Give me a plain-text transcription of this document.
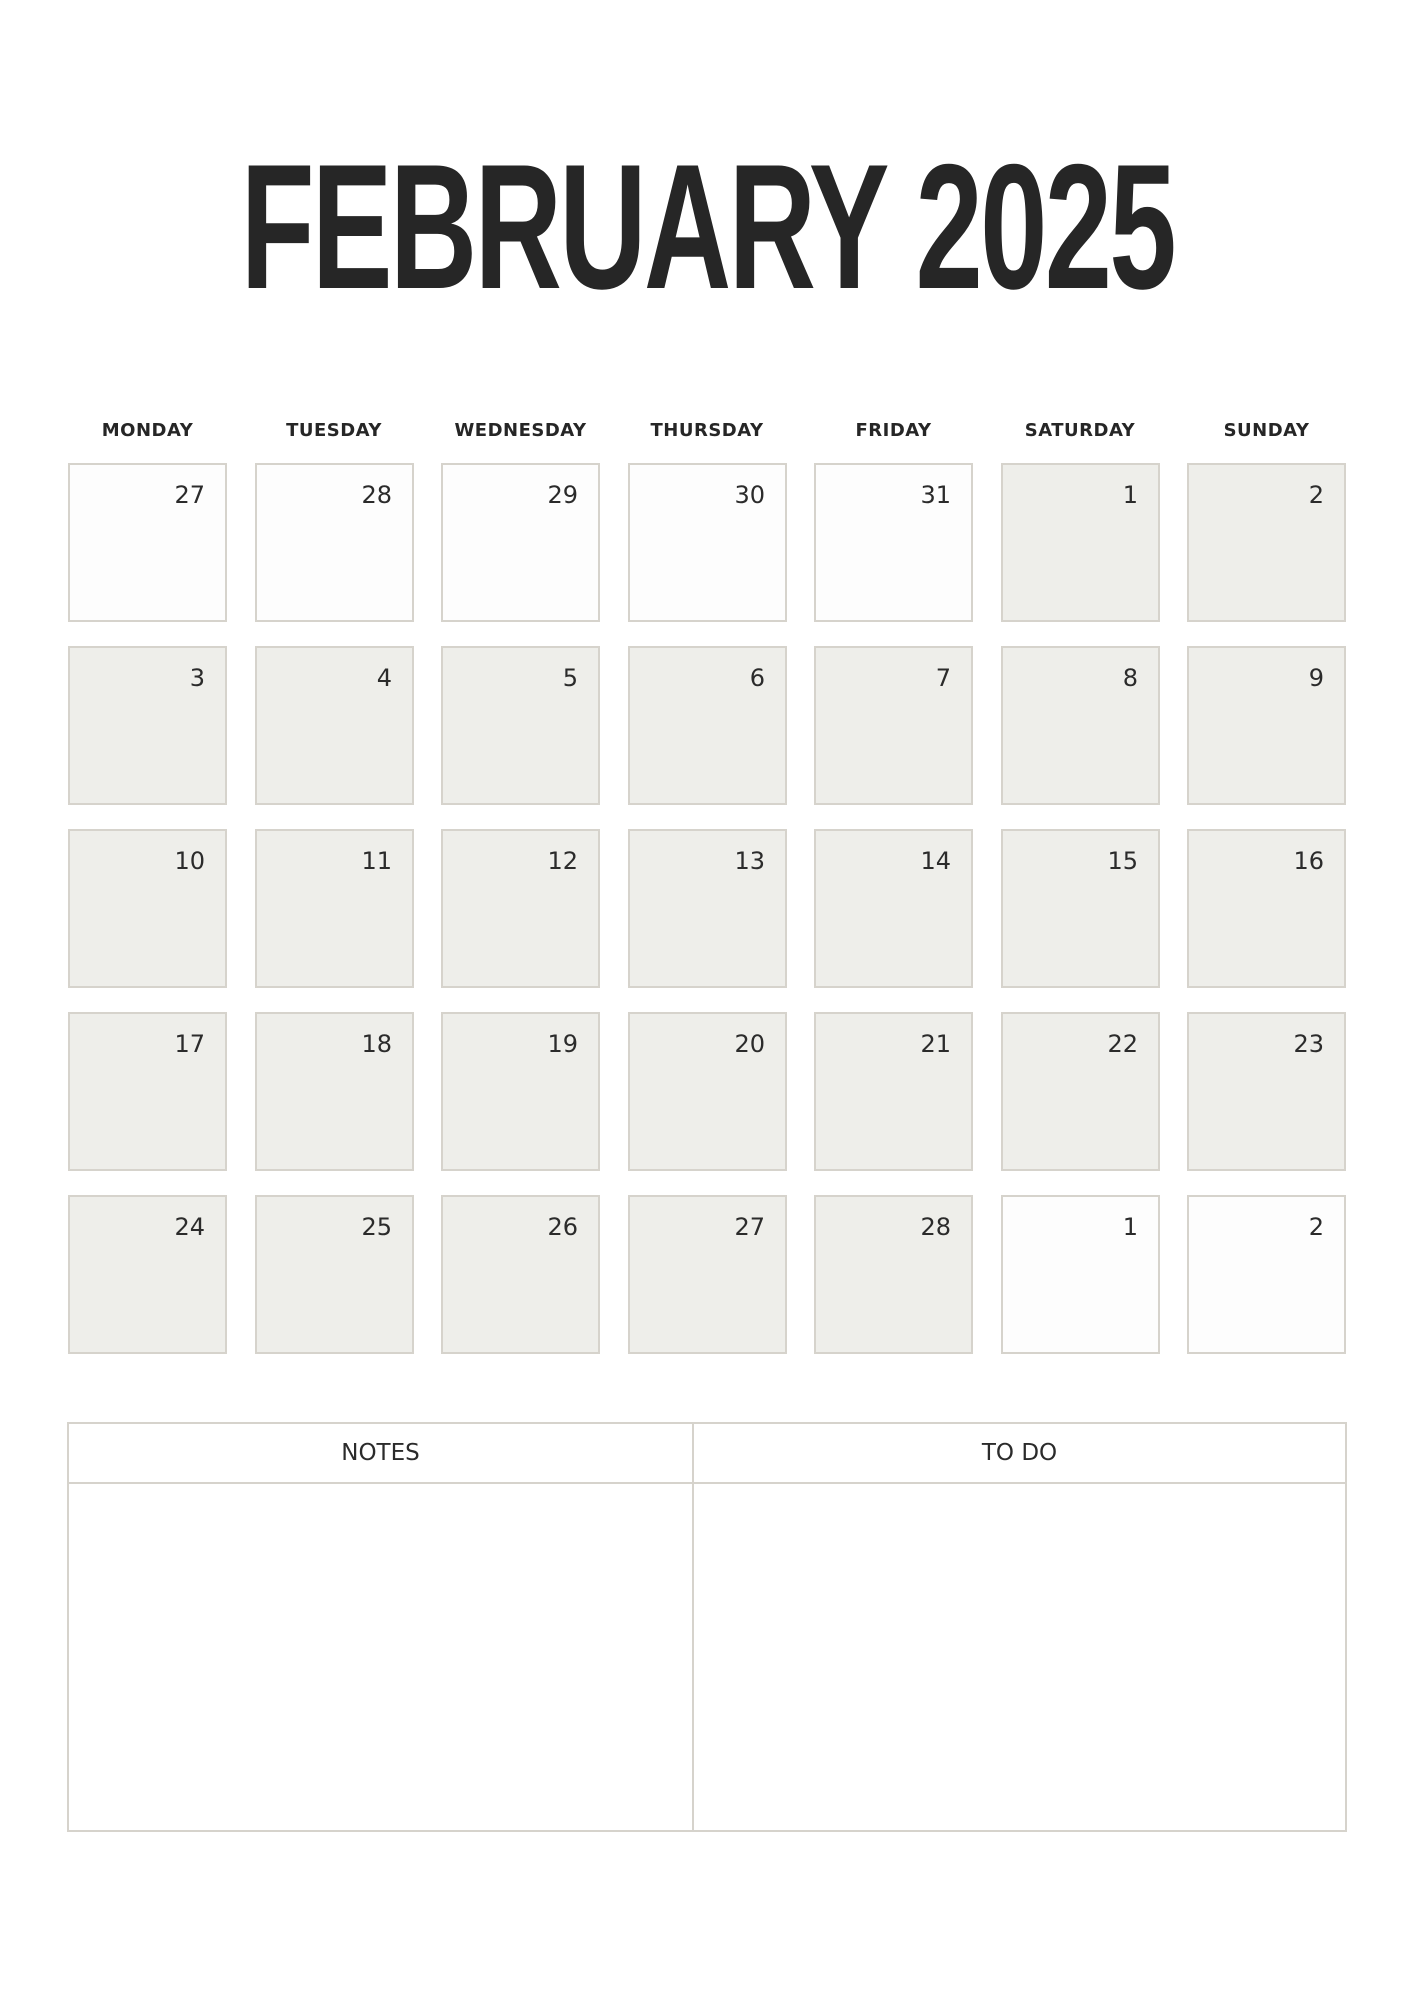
FEBRUARY 2025
MONDAY	TUESDAY	WEDNESDAY	THURSDAY	FRIDAY	SATURDAY	SUNDAY
27	28	29	30	31	1	2
3	4	5	6	7	8	9
10	11	12	13	14	15	16
17	18	19	20	21	22	23
24	25	26	27	28	1	2
NOTES	TO DO
